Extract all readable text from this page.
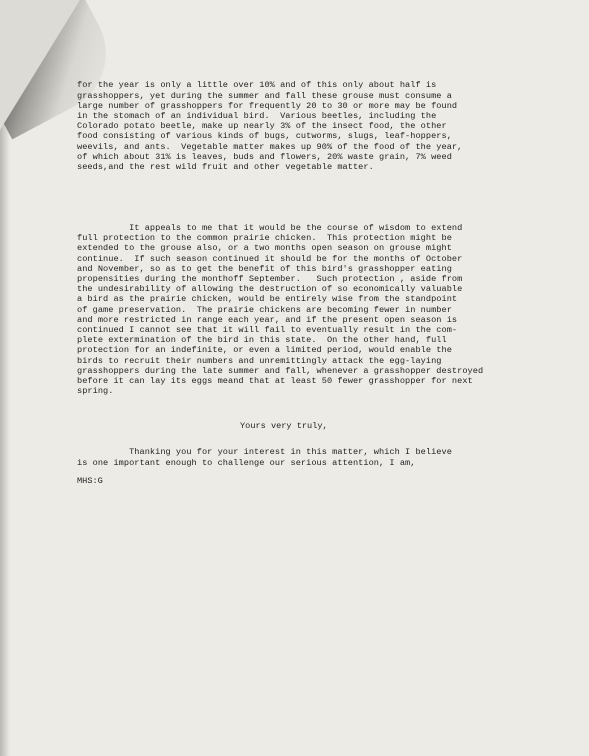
for the year is only a little over 10% and of this only about half is
grasshoppers, yet during the summer and fall these grouse must consume a
large number of grasshoppers for frequently 20 to 30 or more may be found
in the stomach of an individual bird.  Various beetles, including the
Colorado potato beetle, make up nearly 3% of the insect food, the other
food consisting of various kinds of bugs, cutworms, slugs, leaf-hoppers,
weevils, and ants.  Vegetable matter makes up 90% of the food of the year,
of which about 31% is leaves, buds and flowers, 20% waste grain, 7% weed
seeds,and the rest wild fruit and other vegetable matter.

It appeals to me that it would be the course of wisdom to extend
full protection to the common prairie chicken.  This protection might be
extended to the grouse also, or a two months open season on grouse might
continue.  If such season continued it should be for the months of October
and November, so as to get the benefit of this bird's grasshopper eating
propensities during the monthoff September.   Such protection , aside from
the undesirability of allowing the destruction of so economically valuable
a bird as the prairie chicken, would be entirely wise from the standpoint
of game preservation.  The prairie chickens are becoming fewer in number
and more restricted in range each year, and if the present open season is
continued I cannot see that it will fail to eventually result in the com-
plete extermination of the bird in this state.  On the other hand, full
protection for an indefinite, or even a limited period, would enable the
birds to recruit their numbers and unremittingly attack the egg-laying
grasshoppers during the late summer and fall, whenever a grasshopper destroyed
before it can lay its eggs meand that at least 50 fewer grasshopper for next
spring.

Thanking you for your interest in this matter, which I believe
is one important enough to challenge our serious attention, I am,

Yours very truly,
MHS:G
